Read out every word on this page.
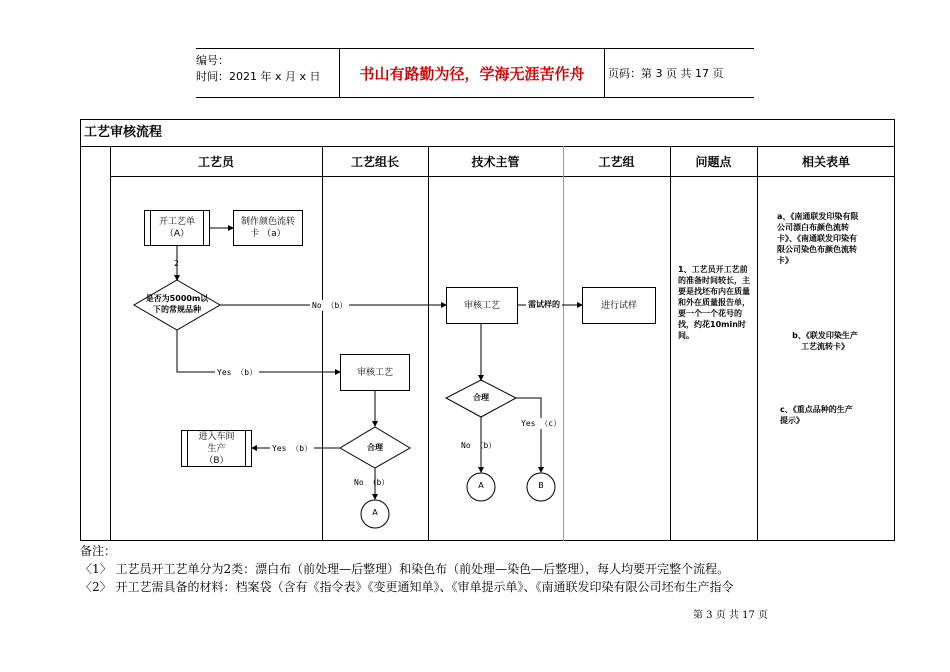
编号：
时间：2021 年 x 月 x 日	书山有路勤为径，学海无涯苦作舟 页码：第 3 页 共 17 页
工艺审核流程
工艺员	工艺组长	技术主管	工艺组	问题点	相关表单
开工艺单
（A）
制作颜色流转
卡 （a）
2
是否为5000m以
下的常规品种	No （b）
Yes （b）
进入车间
生产
（B）
审核工艺
合理
Yes （b）
No （b）
A
审核工艺	需试样的
合理
No （b）
Yes （c）
A	B
进行试样
1、工艺员开工艺前的准备时间较长，主要是找坯布内在质量和外在质量报告单，要一个一个花号的找，约花10min时间。
a、《南通联发印染有限公司漂白布颜色流转卡》、《南通联发印染有限公司染色布颜色流转卡》
b、《联发印染生产工艺流转卡》
c、《重点品种的生产提示》
备注：
〈1〉 工艺员开工艺单分为2类：漂白布（前处理—后整理）和染色布（前处理—染色—后整理），每人均要开完整个流程。
〈2〉 开工艺需具备的材料：档案袋（含有《指令表》《变更通知单》、《审单提示单》、《南通联发印染有限公司坯布生产指令
第 3 页 共 17 页
